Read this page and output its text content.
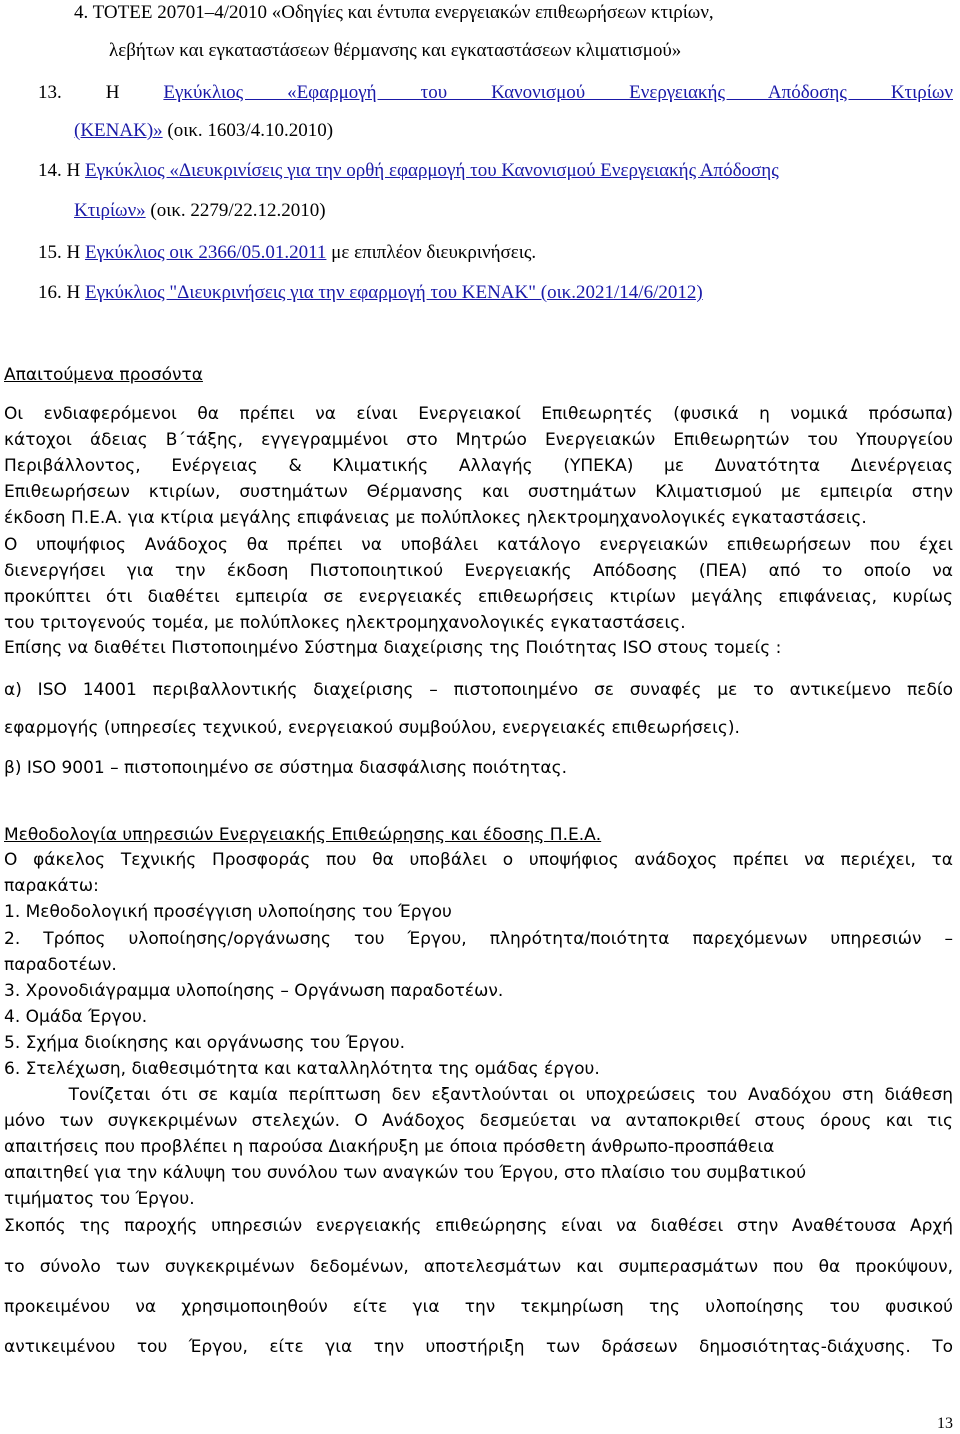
4. ΤΟΤΕΕ 20701–4/2010 «Οδηγίες και έντυπα ενεργειακών επιθεωρήσεων κτιρίων,
λεβήτων και εγκαταστάσεων θέρμανσης και εγκαταστάσεων κλιματισμού»
13. Η Εγκύκλιος «Εφαρμογή του Κανονισμού Ενεργειακής Απόδοσης Κτιρίων
(ΚΕΝΑΚ)» (οικ. 1603/4.10.2010)
14. Η Εγκύκλιος «Διευκρινίσεις για την ορθή εφαρμογή του Κανονισμού Ενεργειακής Απόδοσης
Κτιρίων» (οικ. 2279/22.12.2010)
15. Η Εγκύκλιος οικ 2366/05.01.2011 με επιπλέον διευκρινήσεις.
16. Η Εγκύκλιος "Διευκρινήσεις για την εφαρμογή του ΚΕΝΑΚ" (οικ.2021/14/6/2012)
Απαιτούμενα προσόντα
Οι ενδιαφερόμενοι θα πρέπει να είναι Ενεργειακοί Επιθεωρητές (φυσικά η νομικά πρόσωπα)
κάτοχοι άδειας Β΄τάξης, εγγεγραμμένοι στο Μητρώο Ενεργειακών Επιθεωρητών του Υπουργείου
Περιβάλλοντος, Ενέργειας & Κλιματικής Αλλαγής (ΥΠΕΚΑ) με Δυνατότητα Διενέργειας
Επιθεωρήσεων κτιρίων, συστημάτων Θέρμανσης και συστημάτων Κλιματισμού με εμπειρία στην
έκδοση Π.Ε.Α. για κτίρια μεγάλης επιφάνειας με πολύπλοκες ηλεκτρομηχανολογικές εγκαταστάσεις.
Ο υποψήφιος Ανάδοχος θα πρέπει να υποβάλει κατάλογο ενεργειακών επιθεωρήσεων που έχει
διενεργήσει για την έκδοση Πιστοποιητικού Ενεργειακής Απόδοσης (ΠΕΑ) από το οποίο να
προκύπτει ότι διαθέτει εμπειρία σε ενεργειακές επιθεωρήσεις κτιρίων μεγάλης επιφάνειας, κυρίως
του τριτογενούς τομέα, με πολύπλοκες ηλεκτρομηχανολογικές εγκαταστάσεις.
Επίσης να διαθέτει Πιστοποιημένο Σύστημα διαχείρισης της Ποιότητας ISO στους τομείς :
α) ISO 14001 περιβαλλοντικής διαχείρισης – πιστοποιημένο σε συναφές με το αντικείμενο πεδίο
εφαρμογής (υπηρεσίες τεχνικού, ενεργειακού συμβούλου, ενεργειακές επιθεωρήσεις).
β) ISO 9001 – πιστοποιημένο σε σύστημα διασφάλισης ποιότητας.
Μεθοδολογία υπηρεσιών Ενεργειακής Επιθεώρησης και έδοσης Π.Ε.Α.
Ο φάκελος Τεχνικής Προσφοράς που θα υποβάλει ο υποψήφιος ανάδοχος πρέπει να περιέχει, τα
παρακάτω:
1. Μεθοδολογική προσέγγιση υλοποίησης του Έργου
2. Τρόπος υλοποίησης/οργάνωσης του Έργου, πληρότητα/ποιότητα παρεχόμενων υπηρεσιών –
παραδοτέων.
3. Χρονοδιάγραμμα υλοποίησης – Οργάνωση παραδοτέων.
4. Ομάδα Έργου.
5. Σχήμα διοίκησης και οργάνωσης του Έργου.
6. Στελέχωση, διαθεσιμότητα και καταλληλότητα της ομάδας έργου.
Τονίζεται ότι σε καμία περίπτωση δεν εξαντλούνται οι υποχρεώσεις του Αναδόχου στη διάθεση
μόνο των συγκεκριμένων στελεχών. Ο Ανάδοχος δεσμεύεται να ανταποκριθεί στους όρους και τις
απαιτήσεις που προβλέπει η παρούσα Διακήρυξη με όποια πρόσθετη άνθρωπο-προσπάθεια
απαιτηθεί για την κάλυψη του συνόλου των αναγκών του Έργου, στο πλαίσιο του συμβατικού
τιμήματος του Έργου.
Σκοπός της παροχής υπηρεσιών ενεργειακής επιθεώρησης είναι να διαθέσει στην Αναθέτουσα Αρχή
το σύνολο των συγκεκριμένων δεδομένων, αποτελεσμάτων και συμπερασμάτων που θα προκύψουν,
προκειμένου να χρησιμοποιηθούν είτε για την τεκμηρίωση της υλοποίησης του φυσικού
αντικειμένου του Έργου, είτε για την υποστήριξη των δράσεων δημοσιότητας-διάχυσης. Το
13
